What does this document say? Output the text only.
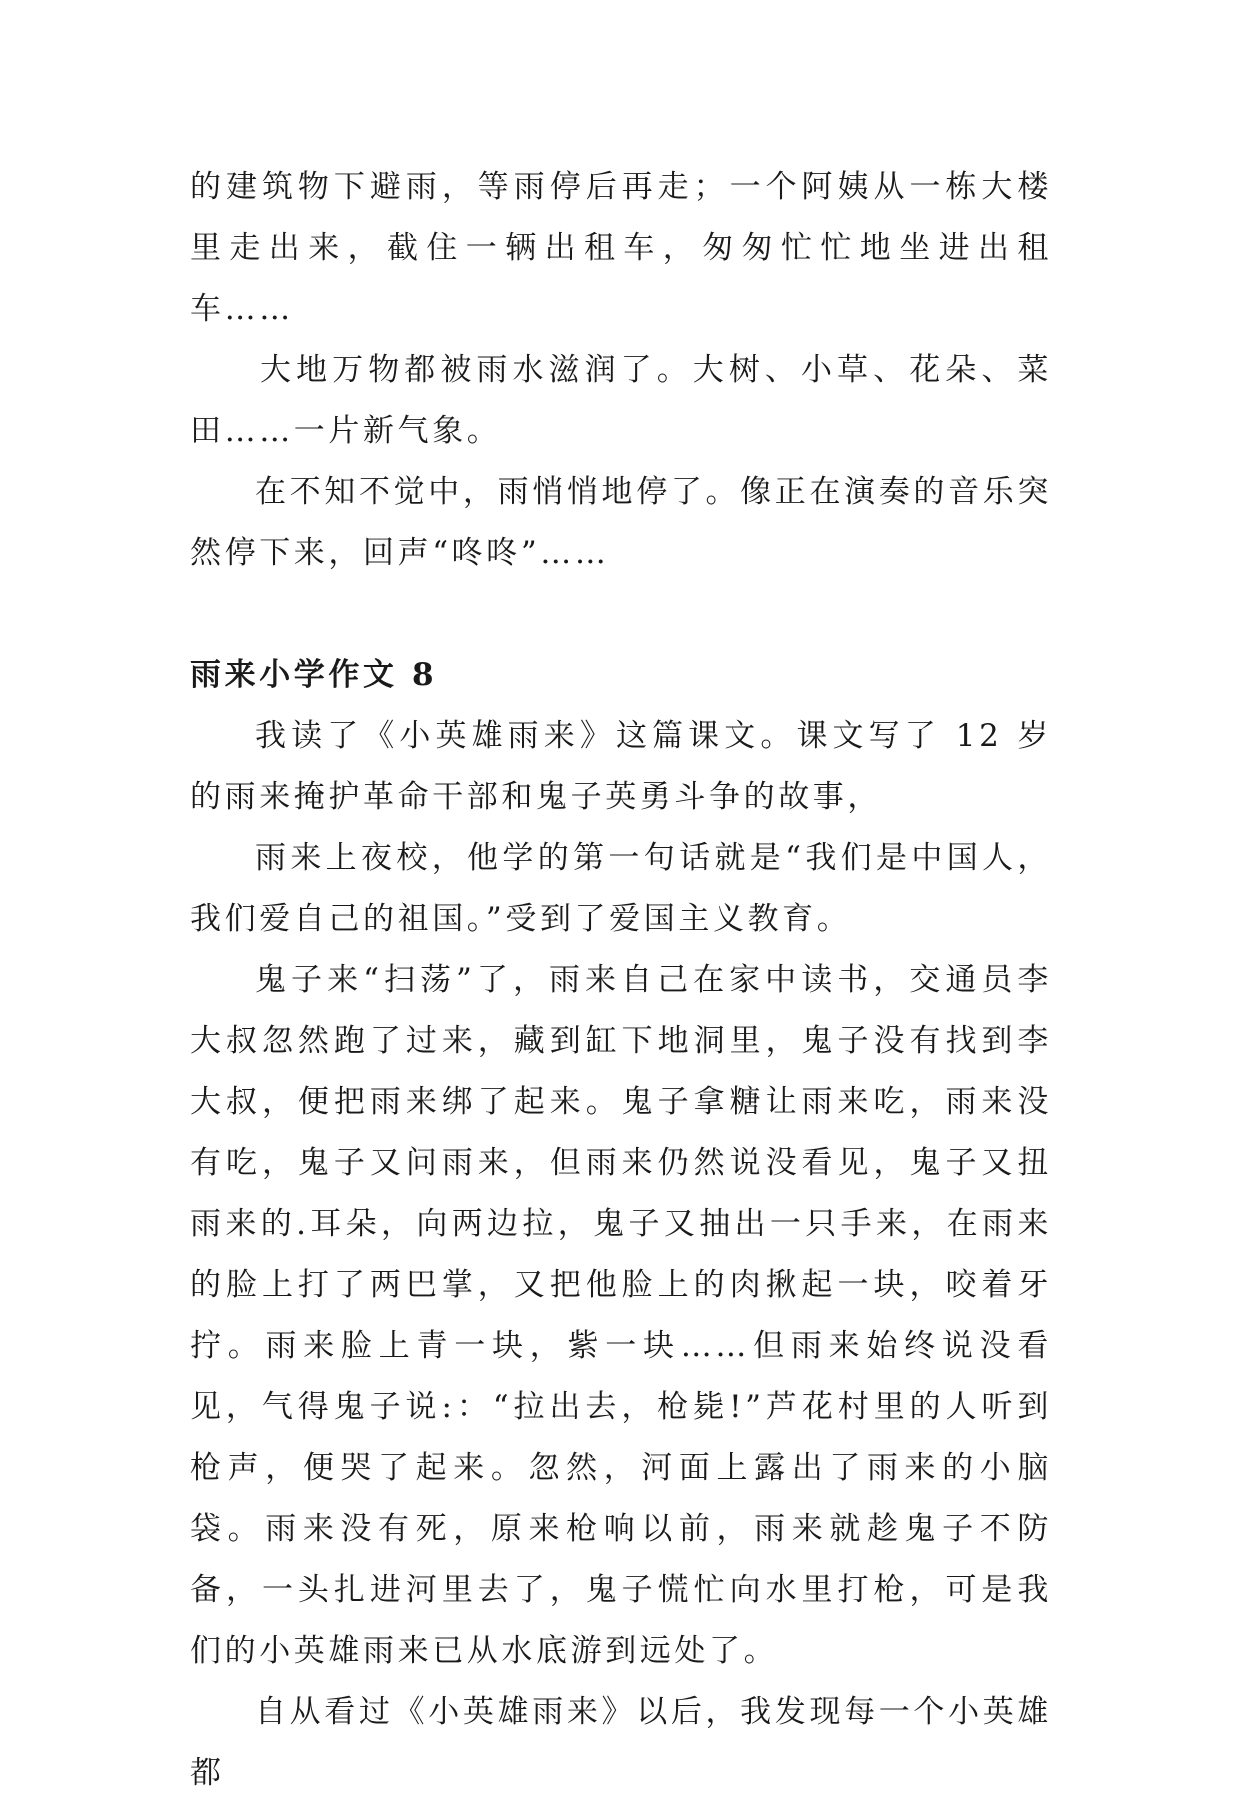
的建筑物下避雨，等雨停后再走；一个阿姨从一栋大楼里走出来，截住一辆出租车，匆匆忙忙地坐进出租车……

大地万物都被雨水滋润了。大树、小草、花朵、菜田……一片新气象。

在不知不觉中，雨悄悄地停了。像正在演奏的音乐突然停下来，回声“咚咚”……

雨来小学作文 8

我读了《小英雄雨来》这篇课文。课文写了 12 岁的雨来掩护革命干部和鬼子英勇斗争的故事，

雨来上夜校，他学的第一句话就是“我们是中国人，我们爱自己的祖国。”受到了爱国主义教育。

鬼子来“扫荡”了，雨来自己在家中读书，交通员李大叔忽然跑了过来，藏到缸下地洞里，鬼子没有找到李大叔，便把雨来绑了起来。鬼子拿糖让雨来吃，雨来没有吃，鬼子又问雨来，但雨来仍然说没看见，鬼子又扭雨来的.耳朵，向两边拉，鬼子又抽出一只手来，在雨来的脸上打了两巴掌，又把他脸上的肉揪起一块，咬着牙拧。雨来脸上青一块，紫一块……但雨来始终说没看见，气得鬼子说:：“拉出去，枪毙!”芦花村里的人听到枪声，便哭了起来。忽然，河面上露出了雨来的小脑袋。雨来没有死，原来枪响以前，雨来就趁鬼子不防备，一头扎进河里去了，鬼子慌忙向水里打枪，可是我们的小英雄雨来已从水底游到远处了。

自从看过《小英雄雨来》以后，我发现每一个小英雄都
